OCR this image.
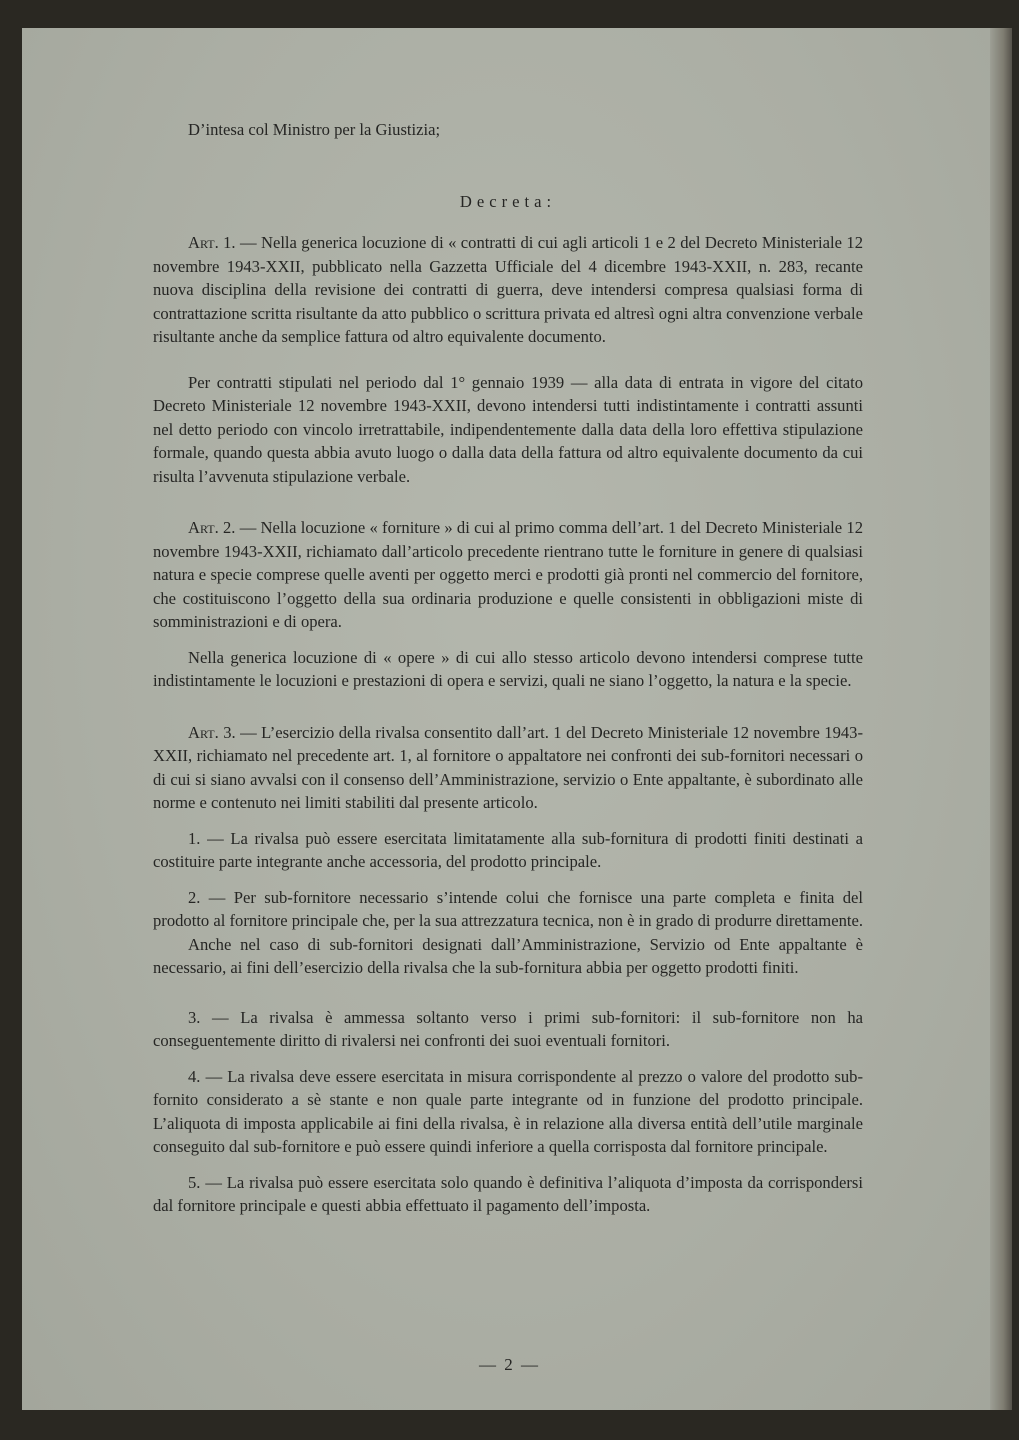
D’intesa col Ministro per la Giustizia;

Decreta:

Art. 1. — Nella generica locuzione di « contratti di cui agli articoli 1 e 2 del Decreto Ministeriale 12 novembre 1943-XXII, pubblicato nella Gazzetta Ufficiale del 4 dicembre 1943-XXII, n. 283, recante nuova disciplina della revisione dei contratti di guerra, deve intendersi compresa qualsiasi forma di contrattazione scritta risultante da atto pubblico o scrittura privata ed altresì ogni altra convenzione verbale risultante anche da semplice fattura od altro equivalente documento.

Per contratti stipulati nel periodo dal 1° gennaio 1939 — alla data di entrata in vigore del citato Decreto Ministeriale 12 novembre 1943-XXII, devono intendersi tutti indistintamente i contratti assunti nel detto periodo con vincolo irretrattabile, indipendentemente dalla data della loro effettiva stipulazione formale, quando questa abbia avuto luogo o dalla data della fattura od altro equivalente documento da cui risulta l’avvenuta stipulazione verbale.

Art. 2. — Nella locuzione « forniture » di cui al primo comma dell’art. 1 del Decreto Ministeriale 12 novembre 1943-XXII, richiamato dall’articolo precedente rientrano tutte le forniture in genere di qualsiasi natura e specie comprese quelle aventi per oggetto merci e prodotti già pronti nel commercio del fornitore, che costituiscono l’oggetto della sua ordinaria produzione e quelle consistenti in obbligazioni miste di somministrazioni e di opera.

Nella generica locuzione di « opere » di cui allo stesso articolo devono intendersi comprese tutte indistintamente le locuzioni e prestazioni di opera e servizi, quali ne siano l’oggetto, la natura e la specie.

Art. 3. — L’esercizio della rivalsa consentito dall’art. 1 del Decreto Ministeriale 12 novembre 1943-XXII, richiamato nel precedente art. 1, al fornitore o appaltatore nei confronti dei sub-fornitori necessari o di cui si siano avvalsi con il consenso dell’Amministrazione, servizio o Ente appaltante, è subordinato alle norme e contenuto nei limiti stabiliti dal presente articolo.

1. — La rivalsa può essere esercitata limitatamente alla sub-fornitura di prodotti finiti destinati a costituire parte integrante anche accessoria, del prodotto principale.

2. — Per sub-fornitore necessario s’intende colui che fornisce una parte completa e finita del prodotto al fornitore principale che, per la sua attrezzatura tecnica, non è in grado di produrre direttamente.

Anche nel caso di sub-fornitori designati dall’Amministrazione, Servizio od Ente appaltante è necessario, ai fini dell’esercizio della rivalsa che la sub-fornitura abbia per oggetto prodotti finiti.

3. — La rivalsa è ammessa soltanto verso i primi sub-fornitori: il sub-fornitore non ha conseguentemente diritto di rivalersi nei confronti dei suoi eventuali fornitori.

4. — La rivalsa deve essere esercitata in misura corrispondente al prezzo o valore del prodotto sub-fornito considerato a sè stante e non quale parte integrante od in funzione del prodotto principale. L’aliquota di imposta applicabile ai fini della rivalsa, è in relazione alla diversa entità dell’utile marginale conseguito dal sub-fornitore e può essere quindi inferiore a quella corrisposta dal fornitore principale.

5. — La rivalsa può essere esercitata solo quando è definitiva l’aliquota d’imposta da corrispondersi dal fornitore principale e questi abbia effettuato il pagamento dell’imposta.

— 2 —
